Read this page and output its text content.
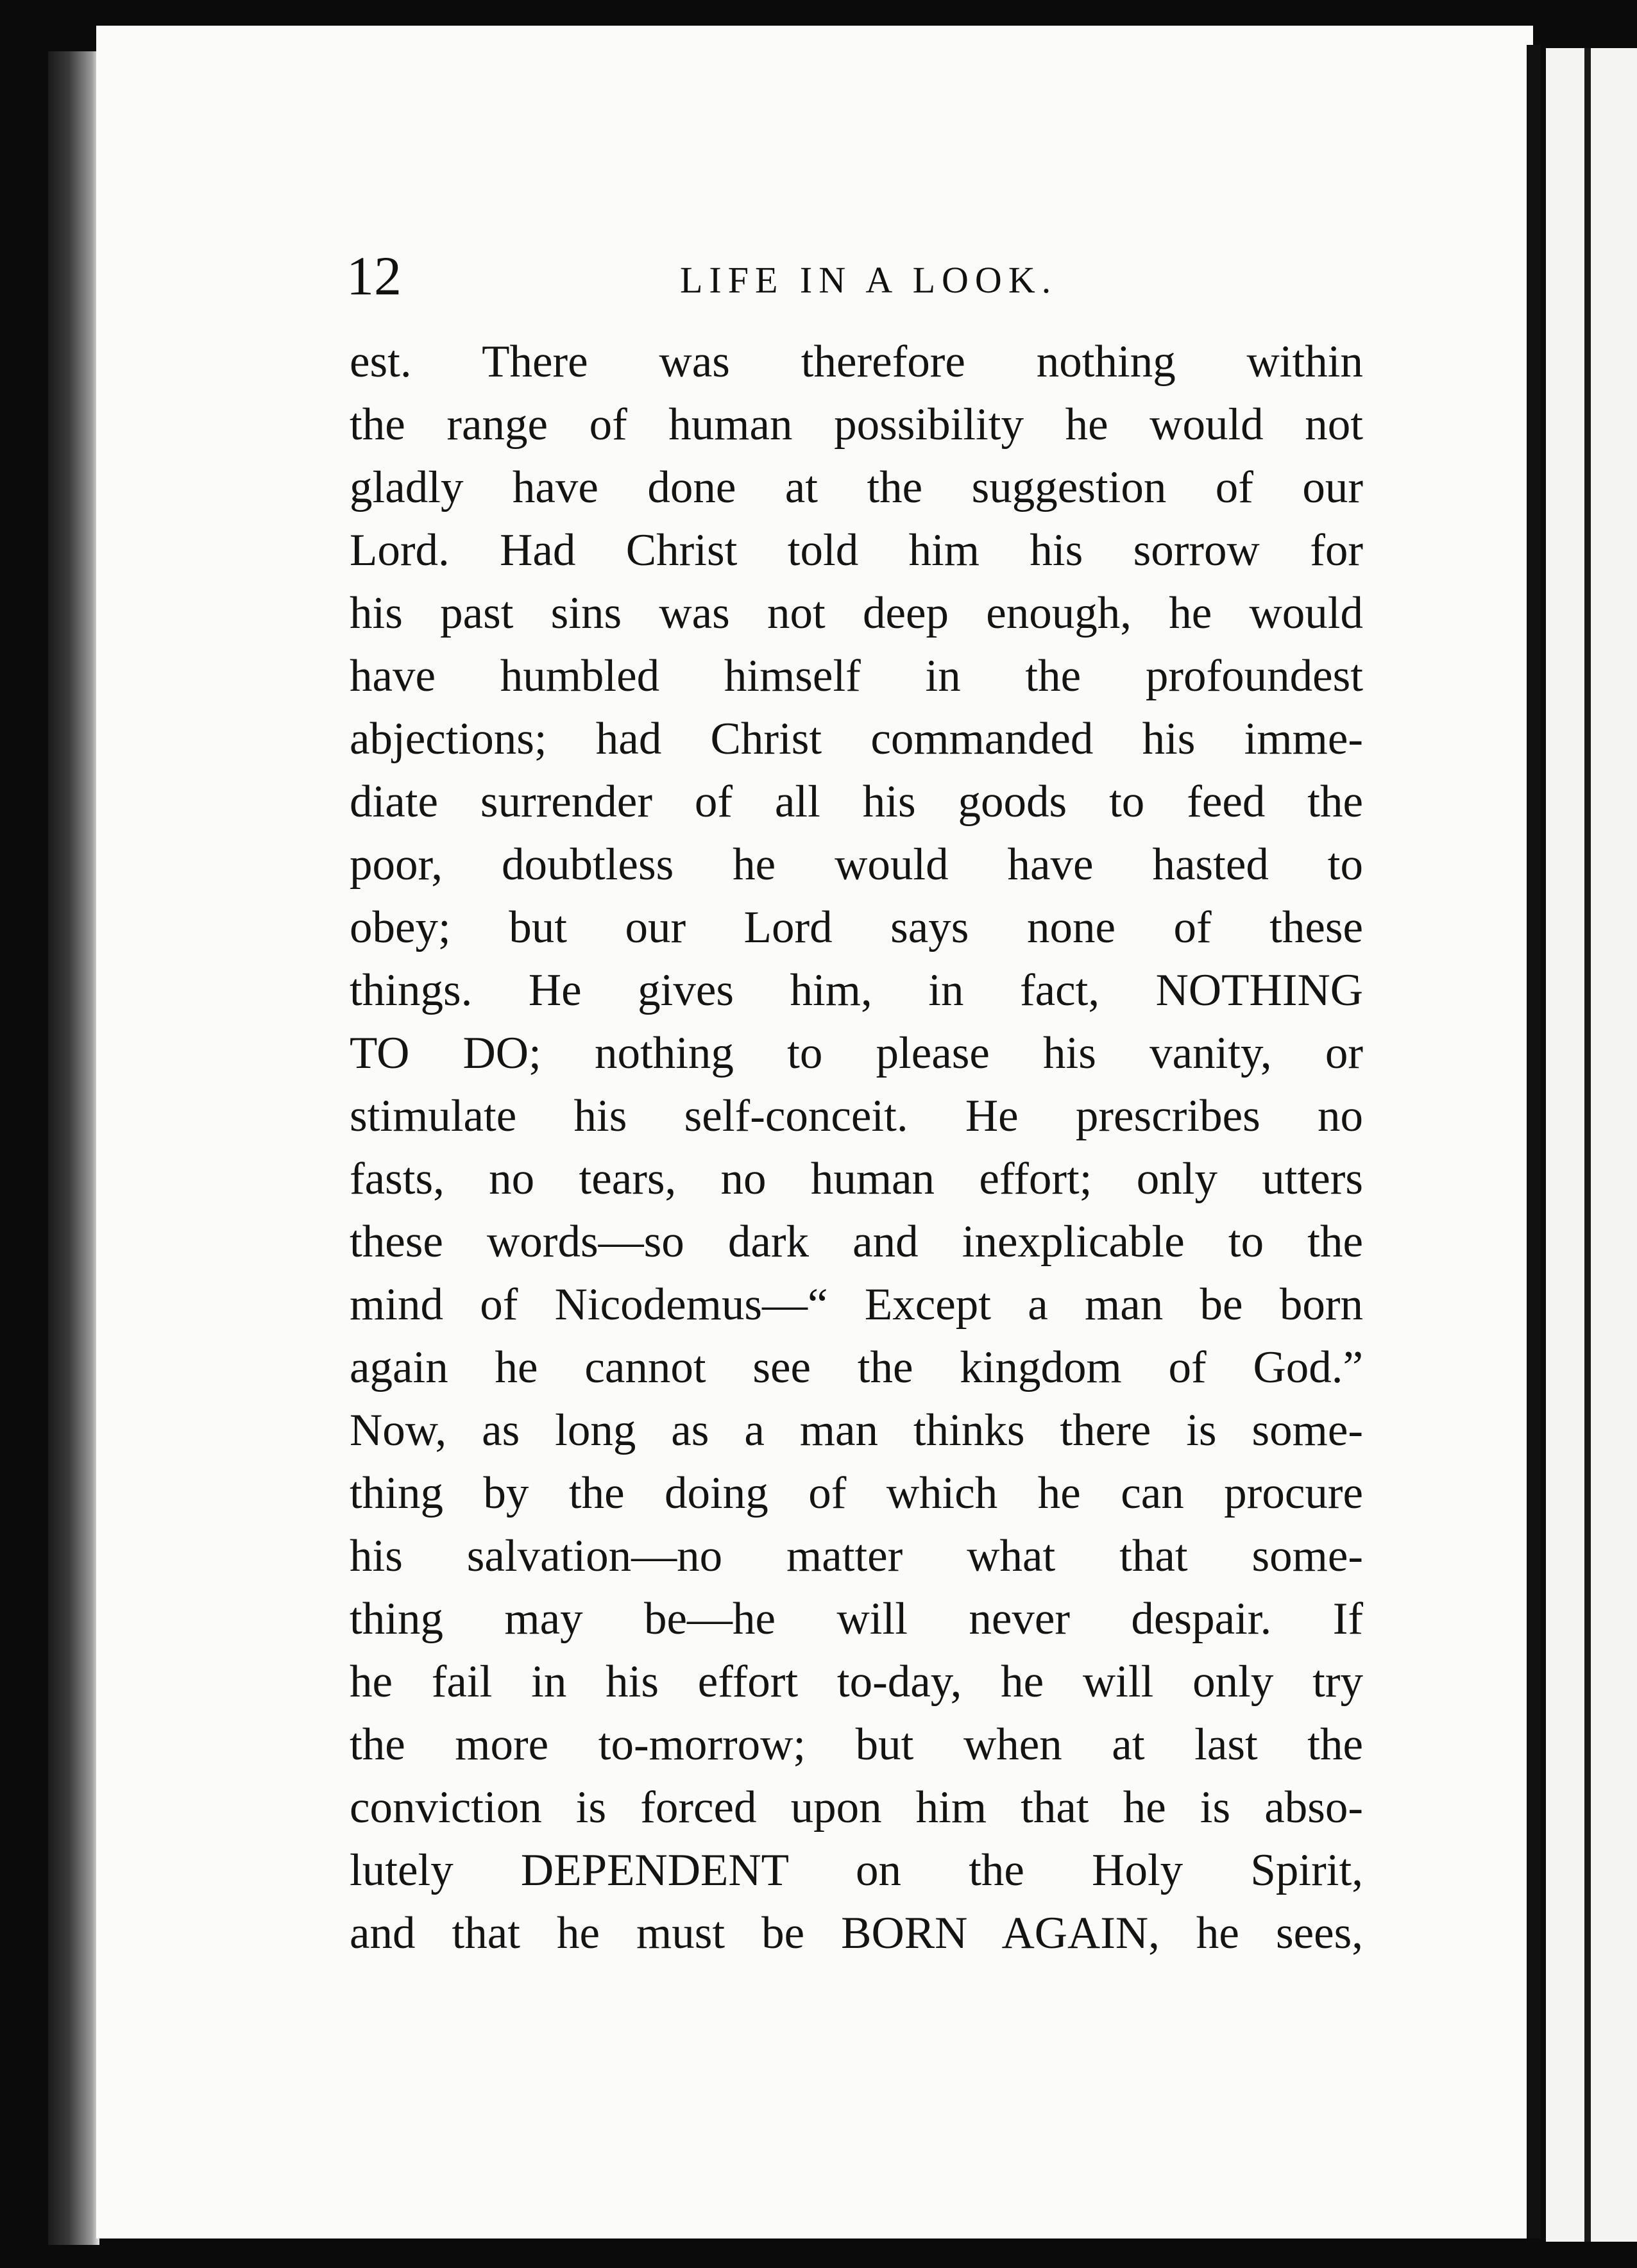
12	LIFE IN A LOOK.
est. There was therefore nothing within
the range of human possibility he would not
gladly have done at the suggestion of our
Lord. Had Christ told him his sorrow for
his past sins was not deep enough, he would
have humbled himself in the profoundest
abjections; had Christ commanded his imme-
diate surrender of all his goods to feed the
poor, doubtless he would have hasted to
obey; but our Lord says none of these
things. He gives him, in fact, NOTHING
TO DO; nothing to please his vanity, or
stimulate his self-conceit. He prescribes no
fasts, no tears, no human effort; only utters
these words—so dark and inexplicable to the
mind of Nicodemus—“ Except a man be born
again he cannot see the kingdom of God.”
Now, as long as a man thinks there is some-
thing by the doing of which he can procure
his salvation—no matter what that some-
thing may be—he will never despair. If
he fail in his effort to-day, he will only try
the more to-morrow; but when at last the
conviction is forced upon him that he is abso-
lutely DEPENDENT on the Holy Spirit,
and that he must be BORN AGAIN, he sees,
